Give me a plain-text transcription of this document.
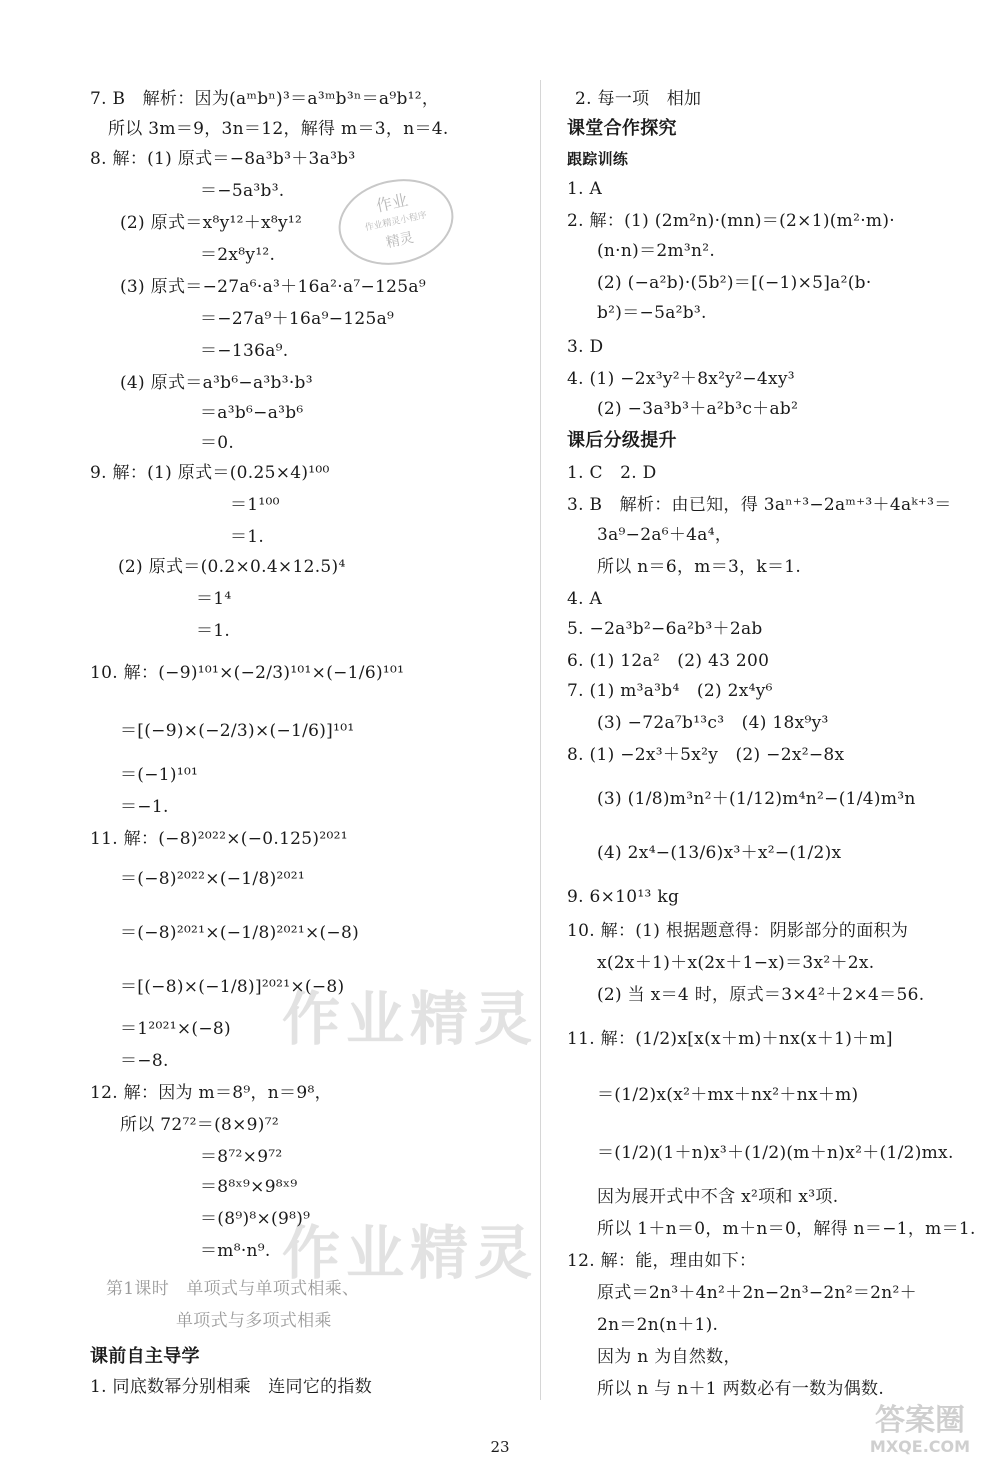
作业
作业精灵小程序
精灵
作业精灵
作业精灵
7. B　解析：因为(aᵐbⁿ)³＝a³ᵐb³ⁿ＝a⁹b¹²，
所以 3m＝9，3n＝12，解得 m＝3，n＝4.
8. 解：(1) 原式＝−8a³b³＋3a³b³
＝−5a³b³.
(2) 原式＝x⁸y¹²＋x⁸y¹²
＝2x⁸y¹².
(3) 原式＝−27a⁶·a³＋16a²·a⁷−125a⁹
＝−27a⁹＋16a⁹−125a⁹
＝−136a⁹.
(4) 原式＝a³b⁶−a³b³·b³
＝a³b⁶−a³b⁶
＝0.
9. 解：(1) 原式＝(0.25×4)¹⁰⁰
＝1¹⁰⁰
＝1.
(2) 原式＝(0.2×0.4×12.5)⁴
＝1⁴
＝1.
10. 解：(−9)¹⁰¹×(−2/3)¹⁰¹×(−1/6)¹⁰¹
＝[(−9)×(−2/3)×(−1/6)]¹⁰¹
＝(−1)¹⁰¹
＝−1.
11. 解：(−8)²⁰²²×(−0.125)²⁰²¹
＝(−8)²⁰²²×(−1/8)²⁰²¹
＝(−8)²⁰²¹×(−1/8)²⁰²¹×(−8)
＝[(−8)×(−1/8)]²⁰²¹×(−8)
＝1²⁰²¹×(−8)
＝−8.
12. 解：因为 m＝8⁹，n＝9⁸，
所以 72⁷²＝(8×9)⁷²
＝8⁷²×9⁷²
＝8⁸ˣ⁹×9⁸ˣ⁹
＝(8⁹)⁸×(9⁸)⁹
＝m⁸·n⁹.
第1课时　单项式与单项式相乘、
单项式与多项式相乘
课前自主导学
1. 同底数幂分别相乘　连同它的指数
2. 每一项　相加
课堂合作探究
跟踪训练
1. A
2. 解：(1) (2m²n)·(mn)＝(2×1)(m²·m)·
(n·n)＝2m³n².
(2) (−a²b)·(5b²)＝[(−1)×5]a²(b·
b²)＝−5a²b³.
3. D
4. (1) −2x³y²＋8x²y²−4xy³
(2) −3a³b³＋a²b³c＋ab²
课后分级提升
1. C　2. D
3. B　解析：由已知，得 3aⁿ⁺³−2aᵐ⁺³＋4aᵏ⁺³＝
3a⁹−2a⁶＋4a⁴，
所以 n＝6，m＝3，k＝1.
4. A
5. −2a³b²−6a²b³＋2ab
6. (1) 12a²　(2) 43 200
7. (1) m³a³b⁴　(2) 2x⁴y⁶
(3) −72a⁷b¹³c³　(4) 18x⁹y³
8. (1) −2x³＋5x²y　(2) −2x²−8x
(3) (1/8)m³n²＋(1/12)m⁴n²−(1/4)m³n
(4) 2x⁴−(13/6)x³＋x²−(1/2)x
9. 6×10¹³ kg
10. 解：(1) 根据题意得：阴影部分的面积为
x(2x＋1)＋x(2x＋1−x)＝3x²＋2x.
(2) 当 x＝4 时，原式＝3×4²＋2×4＝56.
11. 解：(1/2)x[x(x＋m)＋nx(x＋1)＋m]
＝(1/2)x(x²＋mx＋nx²＋nx＋m)
＝(1/2)(1＋n)x³＋(1/2)(m＋n)x²＋(1/2)mx.
因为展开式中不含 x²项和 x³项.
所以 1＋n＝0，m＋n＝0，解得 n＝−1，m＝1.
12. 解：能，理由如下：
原式＝2n³＋4n²＋2n−2n³−2n²＝2n²＋
2n＝2n(n＋1).
因为 n 为自然数，
所以 n 与 n＋1 两数必有一数为偶数.
23
答案圈
MXQE.COM
